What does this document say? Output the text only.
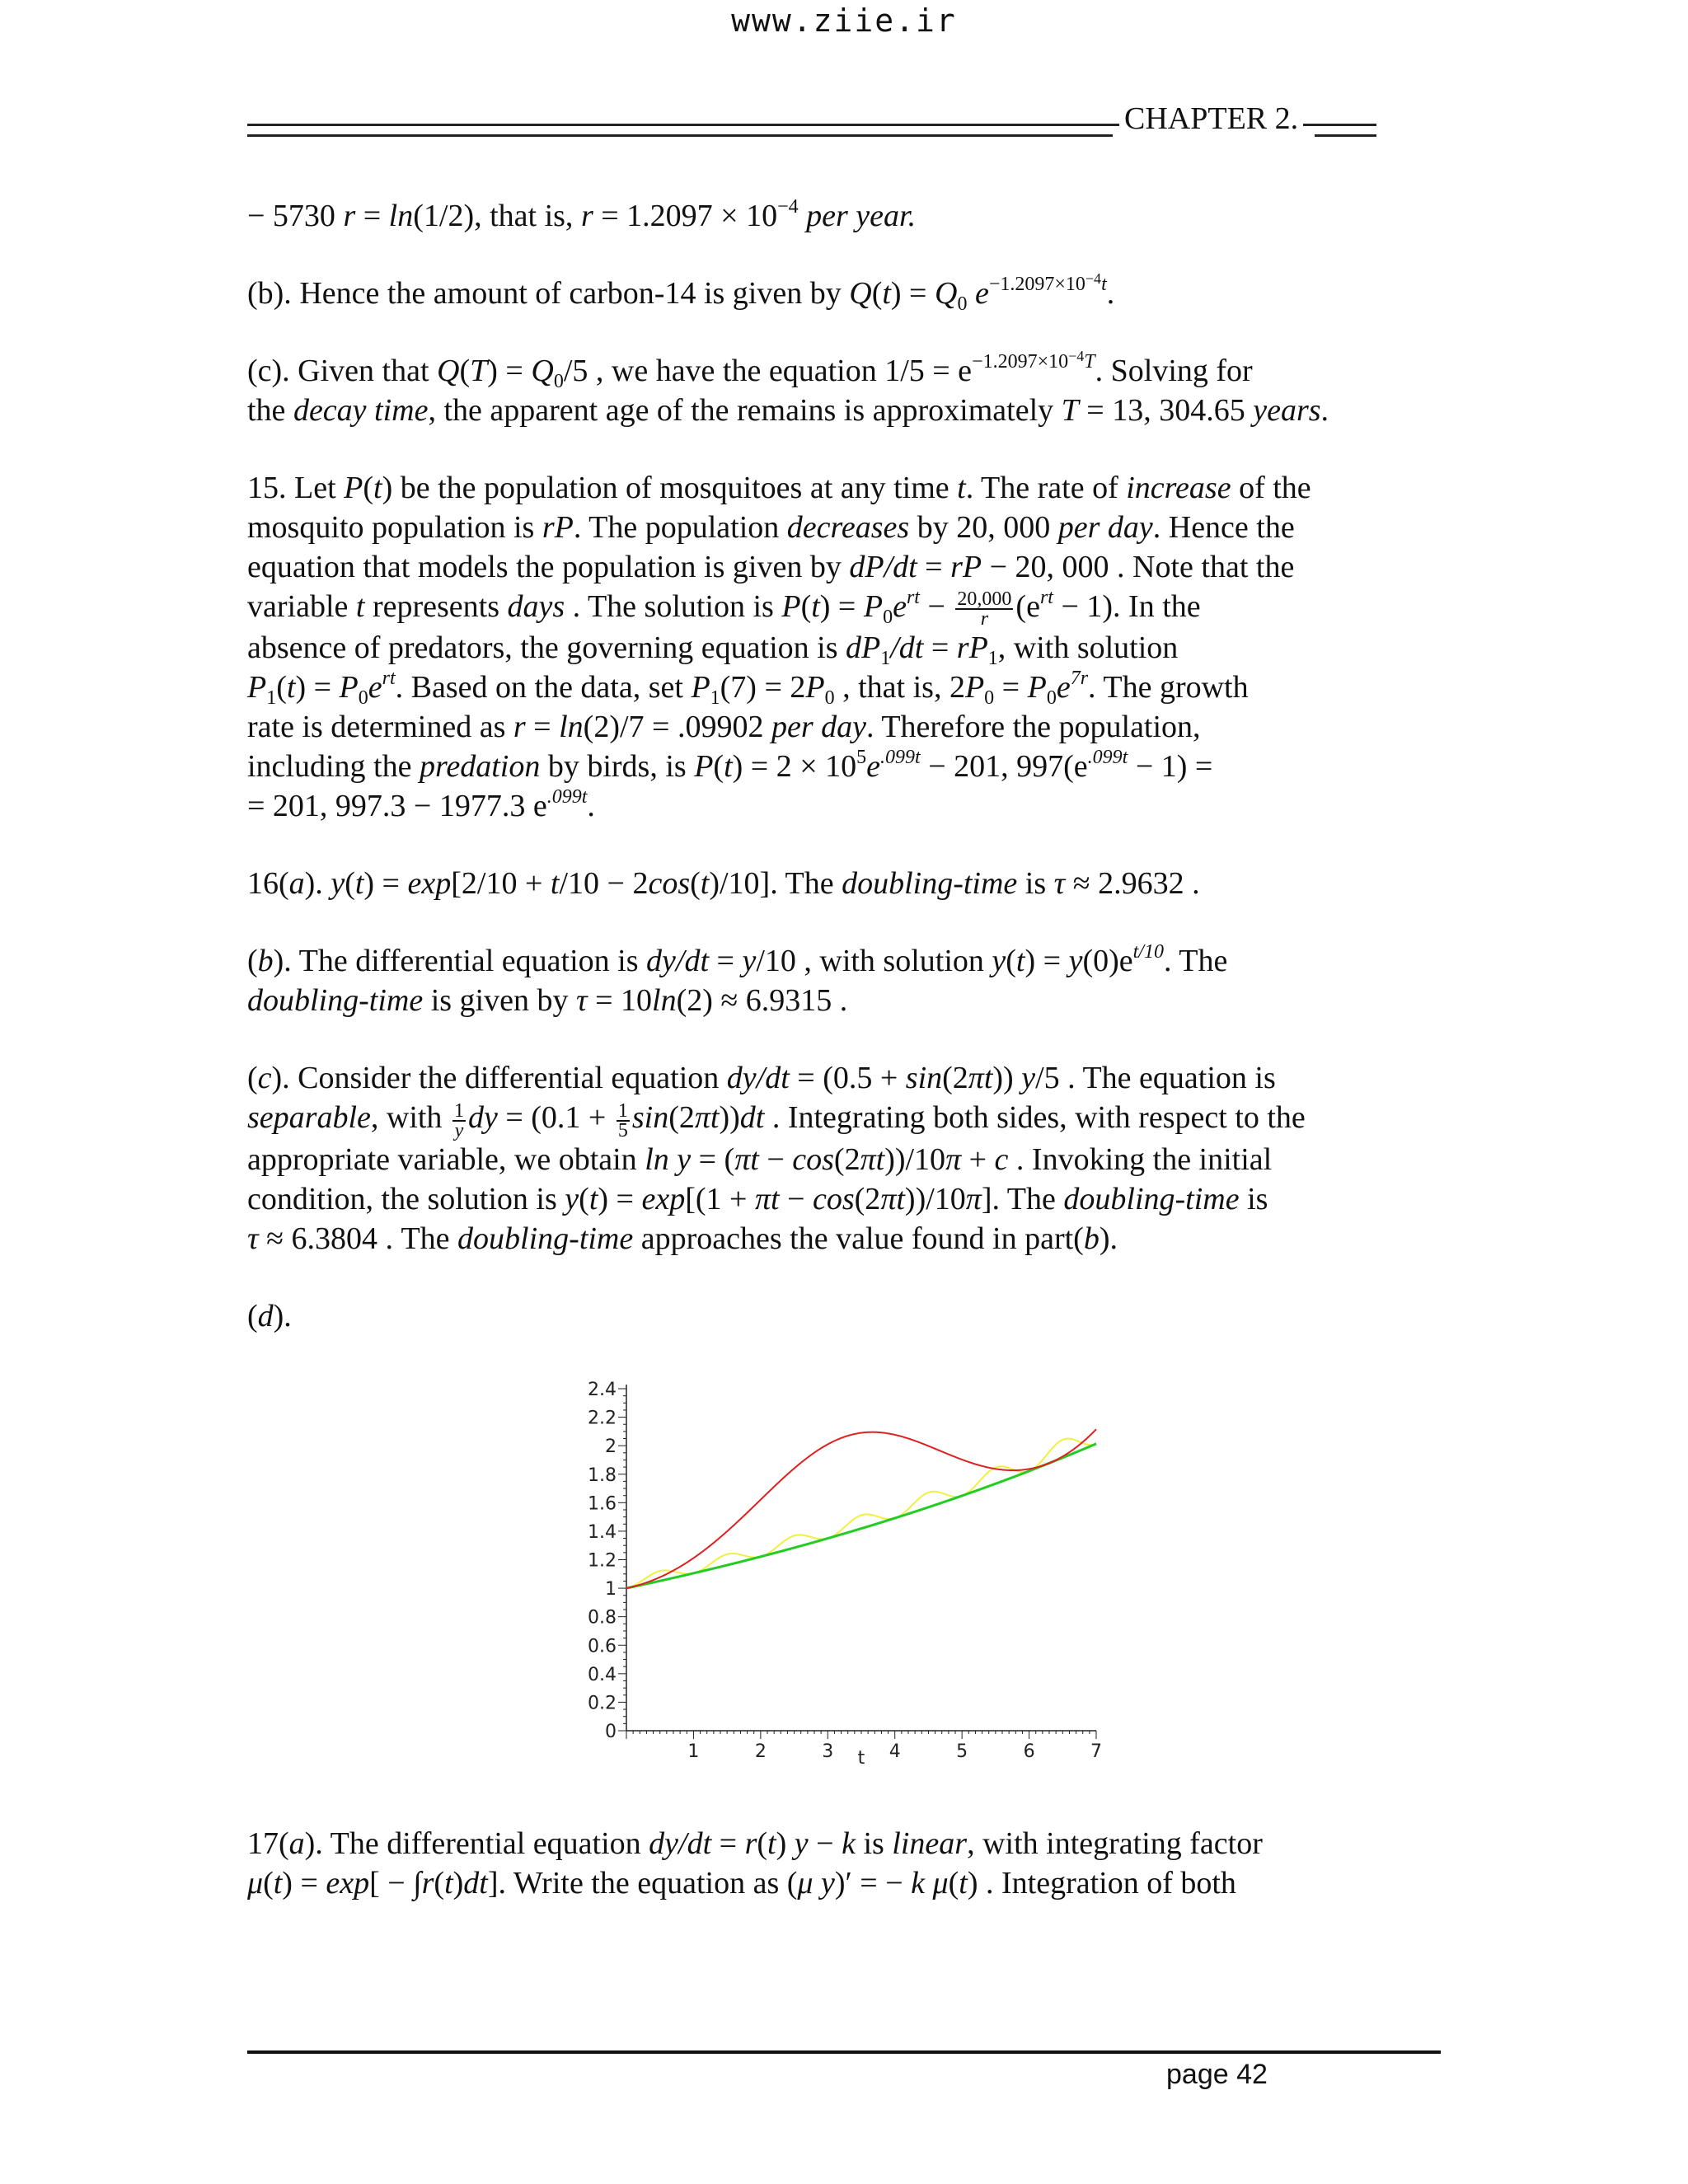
www.ziie.ir
CHAPTER 2.

− 5730 r = ln(1/2), that is, $r = 1.2097 \times 10^{-4}$ per year.

(b). Hence the amount of carbon-14 is given by $Q(t) = Q_0$ $e^{-1.2097\times 10^{-4}t}$.

(c). Given that $Q(T) = Q_0/5$ , we have the equation $1/5 = e^{-1.2097\times 10^{-4}T}$. Solving for
the decay time, the apparent age of the remains is approximately T = 13, 304.65 years.

15. Let P(t) be the population of mosquitoes at any time t. The rate of increase of the
mosquito population is rP. The population decreases by 20, 000 per day. Hence the
equation that models the population is given by dP/dt = rP − 20, 000 . Note that the
variable t represents days . The solution is $P(t) = P_0e^{rt} - \frac{20,000}{r} (e^{rt} - 1)$. In the
absence of predators, the governing equation is $dP_1/dt = rP_1$, with solution
$P_1(t) = P_0e^{rt}$. Based on the data, set $P_1(7) = 2P_0$ , that is, $2P_0 = P_0e^{7r}$. The growth
rate is determined as r = ln(2)/7 = .09902 per day. Therefore the population,
including the predation by birds, is $P(t) = 2 \times 10^5e^{.099t} - 201$, $997(e^{.099t} - 1)$ =
= 201, 997.3 − 1977.3 $e^{.099t}$.

16(a). y(t) = exp[2/10 + t/10 − 2cos(t)/10]. The doubling-time is τ ≈ 2.9632 .

(b). The differential equation is dy/dt = y/10 , with solution $y(t) = y(0)e^{t/10}$. The
doubling-time is given by τ = 10ln(2) ≈ 6.9315 .

(c). Consider the differential equation dy/dt = (0.5 + sin(2πt)) y/5 . The equation is
separable, with $\frac{1}{y}$ dy = $(0.1 + \frac{1}{5} \sin(2\pi t))dt$ . Integrating both sides, with respect to the
appropriate variable, we obtain ln y = (πt − cos(2πt))/10π + c . Invoking the initial
condition, the solution is y(t) = exp[(1 + πt − cos(2πt))/10π]. The doubling-time is
τ ≈ 6.3804 . The doubling-time approaches the value found in part(b).

(d).

1	2	3	4	5	6	7
0
0.2
0.4
0.6
0.8
1
1.2
1.4
1.6
1.8
2
2.2
2.4
t

17(a). The differential equation dy/dt = r(t) y − k is linear, with integrating factor
μ(t) = exp[ − ∫r(t)dt]. Write the equation as (μ y)′ = − k μ(t) . Integration of both

page 42
